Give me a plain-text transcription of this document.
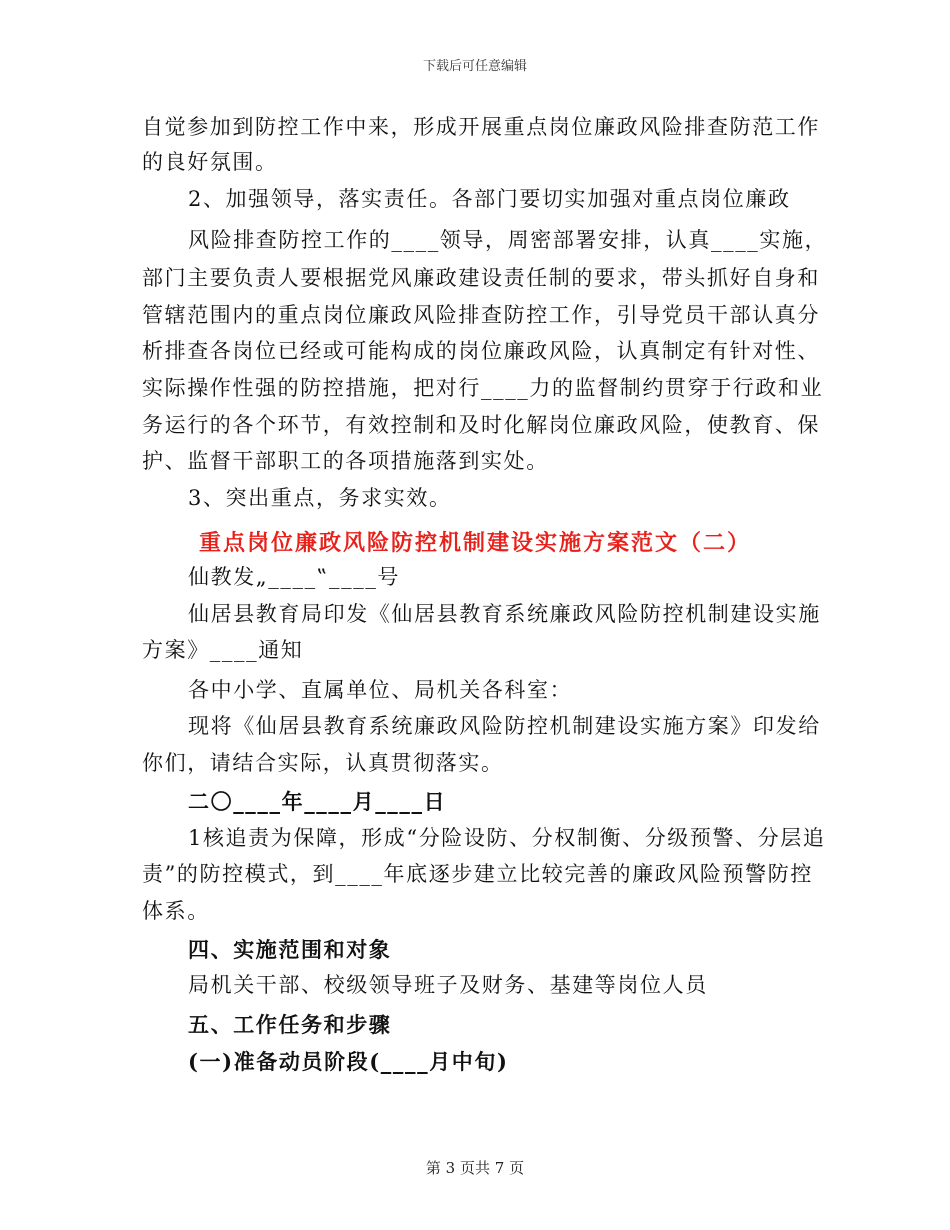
下载后可任意编辑
自觉参加到防控工作中来，形成开展重点岗位廉政风险排查防范工作
的良好氛围。
2、加强领导，落实责任。各部门要切实加强对重点岗位廉政
风险排查防控工作的____领导，周密部署安排，认真____实施，
部门主要负责人要根据党风廉政建设责任制的要求，带头抓好自身和
管辖范围内的重点岗位廉政风险排查防控工作，引导党员干部认真分
析排查各岗位已经或可能构成的岗位廉政风险，认真制定有针对性、
实际操作性强的防控措施，把对行____力的监督制约贯穿于行政和业
务运行的各个环节，有效控制和及时化解岗位廉政风险，使教育、保
护、监督干部职工的各项措施落到实处。
3、突出重点，务求实效。
重点岗位廉政风险防控机制建设实施方案范文（二）
仙教发„____‟____号
仙居县教育局印发《仙居县教育系统廉政风险防控机制建设实施
方案》____通知
各中小学、直属单位、局机关各科室：
现将《仙居县教育系统廉政风险防控机制建设实施方案》印发给
你们，请结合实际，认真贯彻落实。
二〇____年____月____日
1核追责为保障，形成“分险设防、分权制衡、分级预警、分层追
责”的防控模式，到____年底逐步建立比较完善的廉政风险预警防控
体系。
四、实施范围和对象
局机关干部、校级领导班子及财务、基建等岗位人员
五、工作任务和步骤
(一)准备动员阶段(____月中旬)
第 3 页共 7 页
